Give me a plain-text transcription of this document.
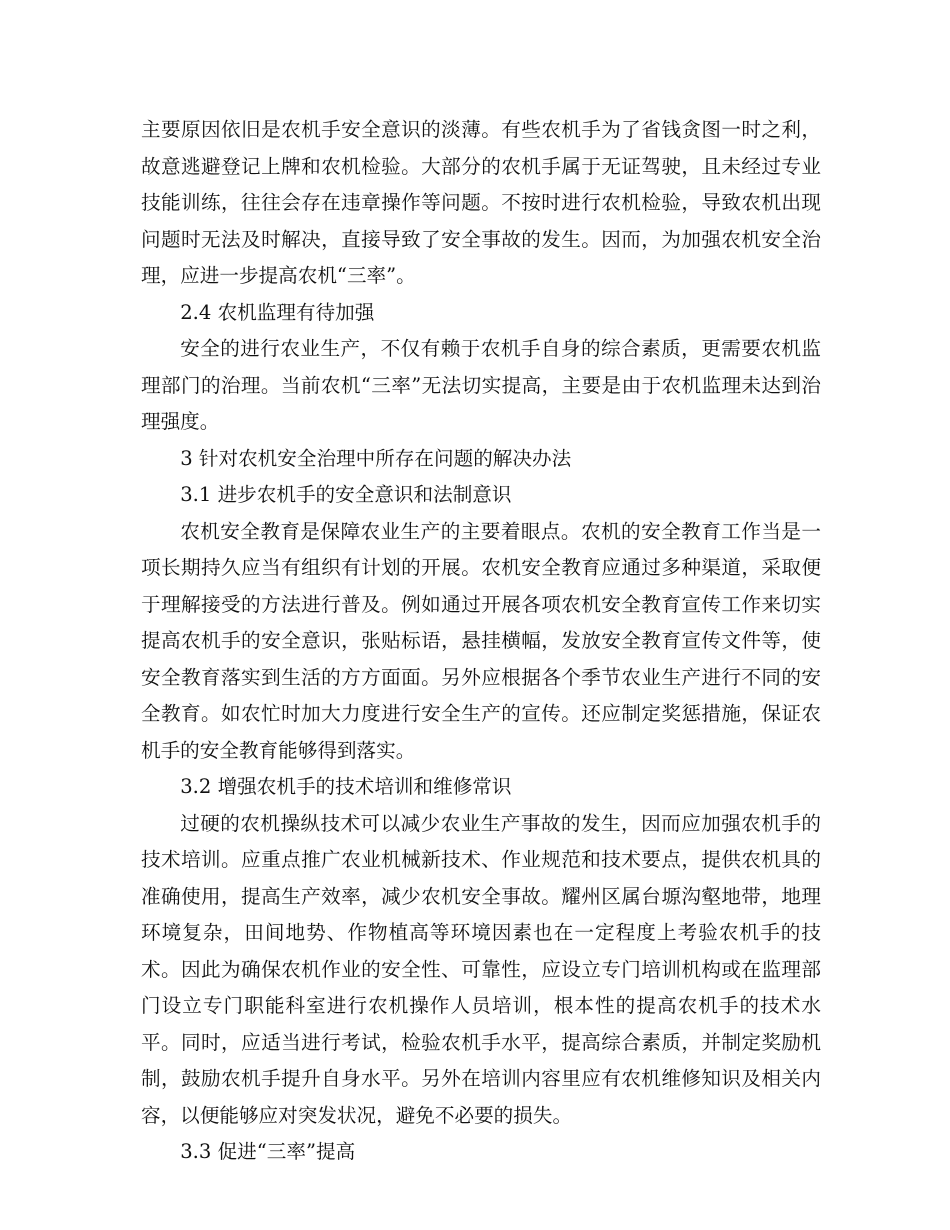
主要原因依旧是农机手安全意识的淡薄。有些农机手为了省钱贪图一时之利，故意逃避登记上牌和农机检验。大部分的农机手属于无证驾驶，且未经过专业技能训练，往往会存在违章操作等问题。不按时进行农机检验，导致农机出现问题时无法及时解决，直接导致了安全事故的发生。因而，为加强农机安全治理，应进一步提高农机“三率”。

2.4 农机监理有待加强

安全的进行农业生产，不仅有赖于农机手自身的综合素质，更需要农机监理部门的治理。当前农机“三率”无法切实提高，主要是由于农机监理未达到治理强度。

3 针对农机安全治理中所存在问题的解决办法

3.1 进步农机手的安全意识和法制意识

农机安全教育是保障农业生产的主要着眼点。农机的安全教育工作当是一项长期持久应当有组织有计划的开展。农机安全教育应通过多种渠道，采取便于理解接受的方法进行普及。例如通过开展各项农机安全教育宣传工作来切实提高农机手的安全意识，张贴标语，悬挂横幅，发放安全教育宣传文件等，使安全教育落实到生活的方方面面。另外应根据各个季节农业生产进行不同的安全教育。如农忙时加大力度进行安全生产的宣传。还应制定奖惩措施，保证农机手的安全教育能够得到落实。

3.2 增强农机手的技术培训和维修常识

过硬的农机操纵技术可以减少农业生产事故的发生，因而应加强农机手的技术培训。应重点推广农业机械新技术、作业规范和技术要点，提供农机具的准确使用，提高生产效率，减少农机安全事故。耀州区属台塬沟壑地带，地理环境复杂，田间地势、作物植高等环境因素也在一定程度上考验农机手的技术。因此为确保农机作业的安全性、可靠性，应设立专门培训机构或在监理部门设立专门职能科室进行农机操作人员培训，根本性的提高农机手的技术水平。同时，应适当进行考试，检验农机手水平，提高综合素质，并制定奖励机制，鼓励农机手提升自身水平。另外在培训内容里应有农机维修知识及相关内容，以便能够应对突发状况，避免不必要的损失。

3.3 促进“三率”提高
